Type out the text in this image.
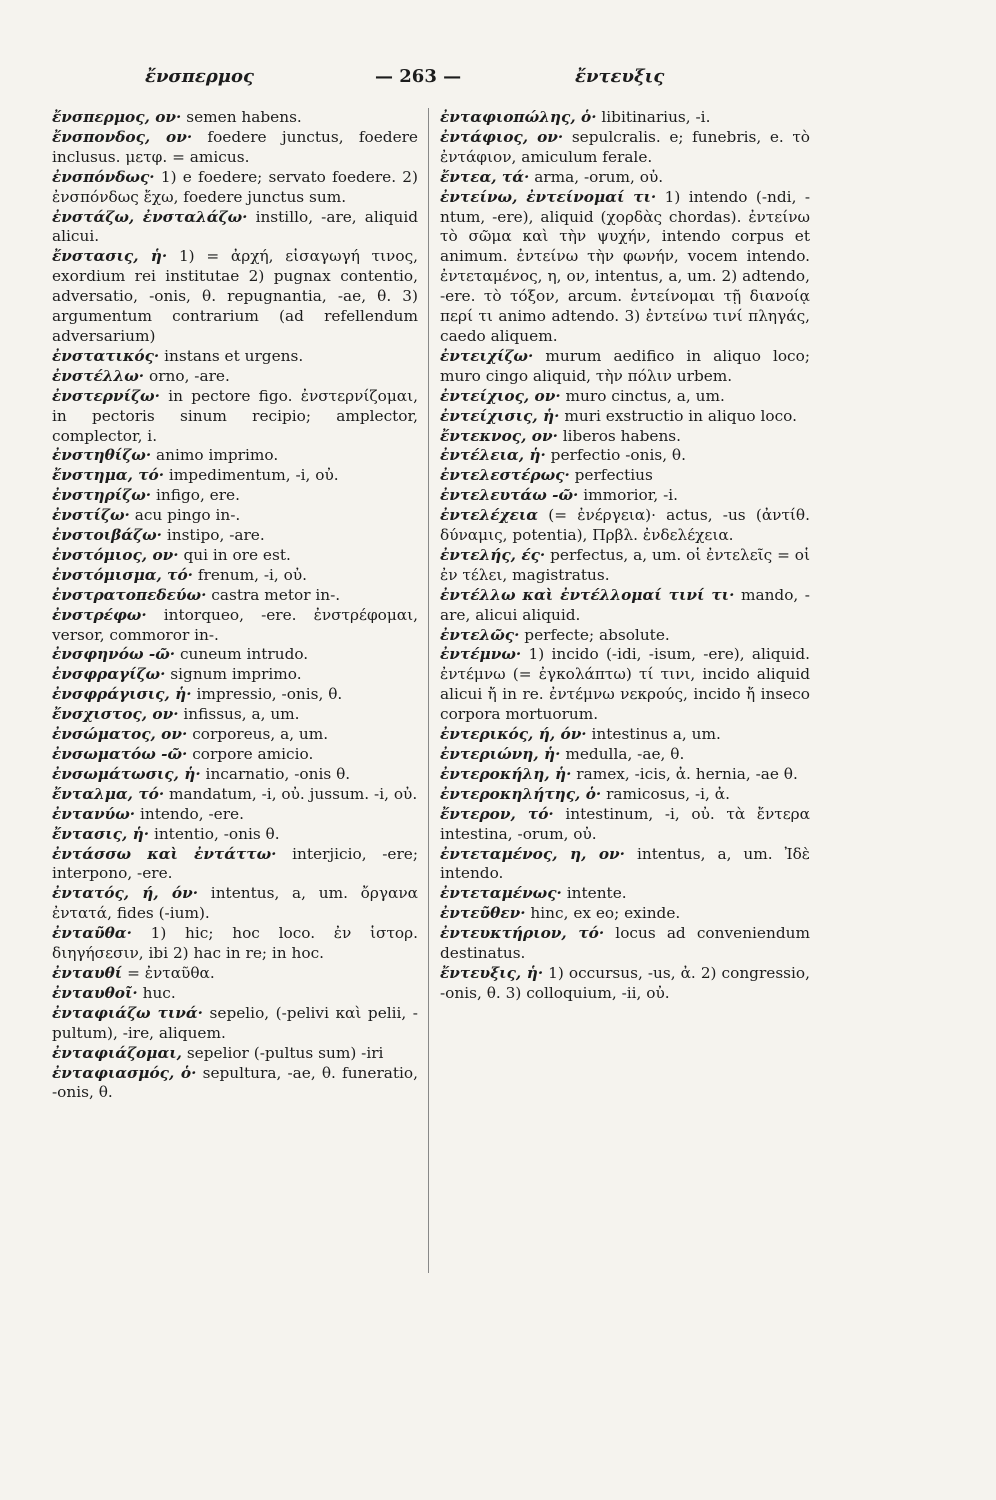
ἔνσπερμος	— 263 —	ἔντευξις

ἔνσπερμος, ον· semen habens.

ἔνσπονδος, ον· foedere junctus, foedere inclusus. μετφ. = amicus.

ἐνσπόνδως· 1) e foedere; servato foedere. 2) ἐνσπόνδως ἔχω, foedere junctus sum.

ἐνστάζω, ἐνσταλάζω· instillo, -are, aliquid alicui.

ἔνστασις, ἡ· 1) = ἀρχή, εἰσαγωγή τινος, exordium rei institutae 2) pugnax contentio, adversatio, -onis, θ. repugnantia, -ae, θ. 3) argumentum contrarium (ad refellendum adversarium)

ἐνστατικός· instans et urgens.

ἐνστέλλω· orno, -are.

ἐνστερνίζω· in pectore figo. ἐνστερνίζομαι, in pectoris sinum recipio; amplector, complector, i.

ἐνστηθίζω· animo imprimo.

ἔνστημα, τό· impedimentum, -i, οὐ.

ἐνστηρίζω· infigo, ere.

ἐνστίζω· acu pingo in-.

ἐνστοιβάζω· instipo, -are.

ἐνστόμιος, ον· qui in ore est.

ἐνστόμισμα, τό· frenum, -i, οὐ.

ἐνστρατοπεδεύω· castra metor in-.

ἐνστρέφω· intorqueo, -ere. ἐνστρέφομαι, versor, commoror in-.

ἐνσφηνόω -ῶ· cuneum intrudo.

ἐνσφραγίζω· signum imprimo.

ἐνσφράγισις, ἡ· impressio, -onis, θ.

ἔνσχιστος, ον· infissus, a, um.

ἐνσώματος, ον· corporeus, a, um.

ἐνσωματόω -ῶ· corpore amicio.

ἐνσωμάτωσις, ἡ· incarnatio, -onis θ.

ἔνταλμα, τό· mandatum, -i, οὐ. jussum. -i, οὐ.

ἐντανύω· intendo, -ere.

ἔντασις, ἡ· intentio, -onis θ.

ἐντάσσω καὶ ἐντάττω· interjicio, -ere; interpono, -ere.

ἐντατός, ή, όν· intentus, a, um. ὄργανα ἐντατά, fides (-ium).

ἐνταῦθα· 1) hic; hoc loco. ἐν ἱστορ. διηγήσεσιν, ibi 2) hac in re; in hoc.

ἐνταυθί = ἐνταῦθα.

ἐνταυθοῖ· huc.

ἐνταφιάζω τινά· sepelio, (-pelivi καὶ pelii, -pultum), -ire, aliquem.

ἐνταφιάζομαι, sepelior (-pultus sum) -iri

ἐνταφιασμός, ὁ· sepultura, -ae, θ. funeratio, -onis, θ.

ἐνταφιοπώλης, ὁ· libitinarius, -i.

ἐντάφιος, ον· sepulcralis. e; funebris, e. τὸ ἐντάφιον, amiculum ferale.

ἔντεα, τά· arma, -orum, οὐ.

ἐντείνω, ἐντείνομαί τι· 1) intendo (-ndi, -ntum, -ere), aliquid (χορδὰς chordas). ἐντείνω τὸ σῶμα καὶ τὴν ψυχήν, intendo corpus et animum. ἐντείνω τὴν φωνήν, vocem intendo. ἐντεταμένος, η, ον, intentus, a, um. 2) adtendo, -ere. τὸ τόξον, arcum. ἐντείνομαι τῇ διανοίᾳ περί τι animo adtendo. 3) ἐντείνω τινί πληγάς, caedo aliquem.

ἐντειχίζω· murum aedifico in aliquo loco; muro cingo aliquid, τὴν πόλιν urbem.

ἐντείχιος, ον· muro cinctus, a, um.

ἐντείχισις, ἡ· muri exstructio in aliquo loco.

ἔντεκνος, ον· liberos habens.

ἐντέλεια, ἡ· perfectio -onis, θ.

ἐντελεστέρως· perfectius

ἐντελευτάω -ῶ· immorior, -i.

ἐντελέχεια (= ἐνέργεια)· actus, -us (ἀντίθ. δύναμις, potentia), Πρβλ. ἐνδελέχεια.

ἐντελής, ές· perfectus, a, um. οἱ ἐντελεῖς = οἱ ἐν τέλει, magistratus.

ἐντέλλω καὶ ἐντέλλομαί τινί τι· mando, -are, alicui aliquid.

ἐντελῶς· perfecte; absolute.

ἐντέμνω· 1) incido (-idi, -isum, -ere), aliquid. ἐντέμνω (= ἐγκολάπτω) τί τινι, incido aliquid alicui ἤ in re. ἐντέμνω νεκρούς, incido ἤ inseco corpora mortuorum.

ἐντερικός, ή, όν· intestinus a, um.

ἐντεριώνη, ἡ· medulla, -ae, θ.

ἐντεροκήλη, ἡ· ramex, -icis, ἀ. hernia, -ae θ.

ἐντεροκηλήτης, ὁ· ramicosus, -i, ἀ.

ἔντερον, τό· intestinum, -i, οὐ. τὰ ἔντερα intestina, -orum, οὐ.

ἐντεταμένος, η, ον· intentus, a, um. Ἰδὲ intendo.

ἐντεταμένως· intente.

ἐντεῦθεν· hinc, ex eo; exinde.

ἐντευκτήριον, τό· locus ad conveniendum destinatus.

ἔντευξις, ἡ· 1) occursus, -us, ἀ. 2) congressio, -onis, θ. 3) colloquium, -ii, οὐ.
